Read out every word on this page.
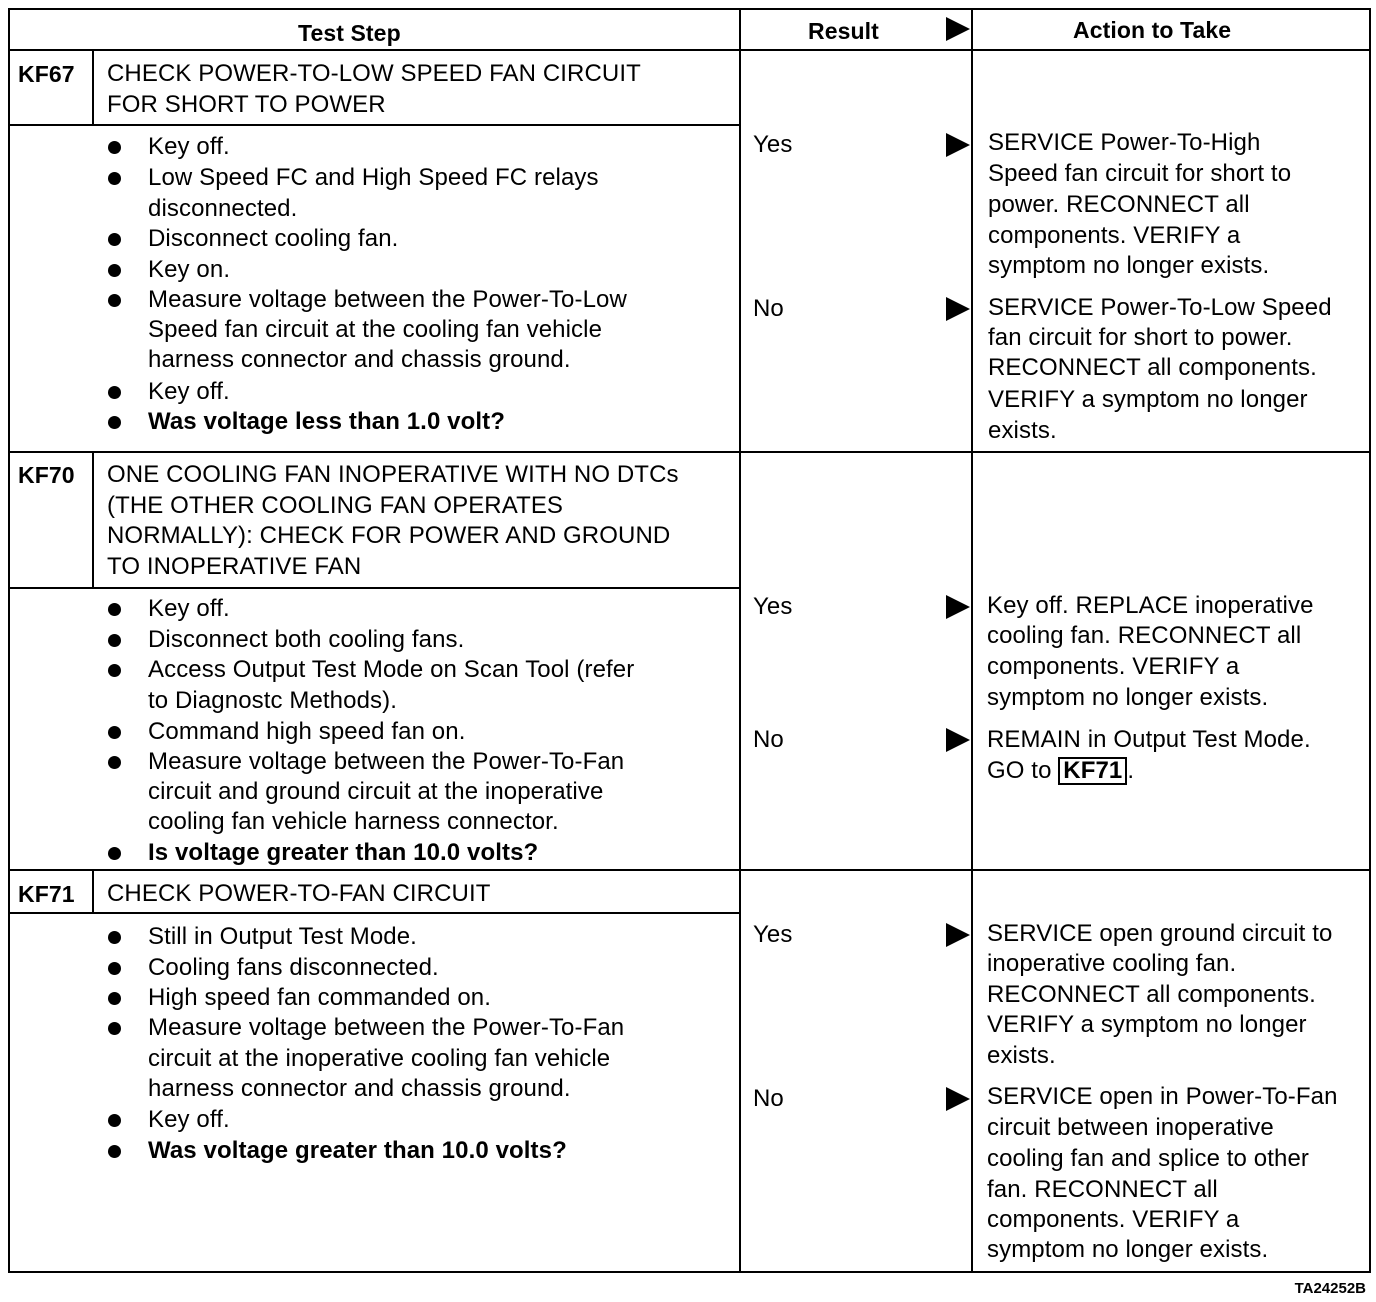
Test Step	Result	Action to Take
KF67 CHECK POWER-TO-LOW SPEED FAN CIRCUIT
FOR SHORT TO POWER
Key off.
Low Speed FC and High Speed FC relays
disconnected.
Disconnect cooling fan.
Key on.
Measure voltage between the Power-To-Low
Speed fan circuit at the cooling fan vehicle
harness connector and chassis ground.
Key off.
Was voltage less than 1.0 volt?
Yes	SERVICE Power-To-High
Speed fan circuit for short to
power. RECONNECT all
components. VERIFY a
symptom no longer exists.
No	SERVICE Power-To-Low Speed
fan circuit for short to power.
RECONNECT all components.
VERIFY a symptom no longer
exists.
KF70 ONE COOLING FAN INOPERATIVE WITH NO DTCs
(THE OTHER COOLING FAN OPERATES
NORMALLY): CHECK FOR POWER AND GROUND
TO INOPERATIVE FAN
Key off.
Disconnect both cooling fans.
Access Output Test Mode on Scan Tool (refer
to Diagnostc Methods).
Command high speed fan on.
Measure voltage between the Power-To-Fan
circuit and ground circuit at the inoperative
cooling fan vehicle harness connector.
Is voltage greater than 10.0 volts?
Yes	Key off. REPLACE inoperative
cooling fan. RECONNECT all
components. VERIFY a
symptom no longer exists.
No	REMAIN in Output Test Mode.
GO to KF71 .
KF71 CHECK POWER-TO-FAN CIRCUIT
Still in Output Test Mode.
Cooling fans disconnected.
High speed fan commanded on.
Measure voltage between the Power-To-Fan
circuit at the inoperative cooling fan vehicle
harness connector and chassis ground.
Key off.
Was voltage greater than 10.0 volts?
Yes	SERVICE open ground circuit to
inoperative cooling fan.
RECONNECT all components.
VERIFY a symptom no longer
exists.
No	SERVICE open in Power-To-Fan
circuit between inoperative
cooling fan and splice to other
fan. RECONNECT all
components. VERIFY a
symptom no longer exists.
TA24252B
